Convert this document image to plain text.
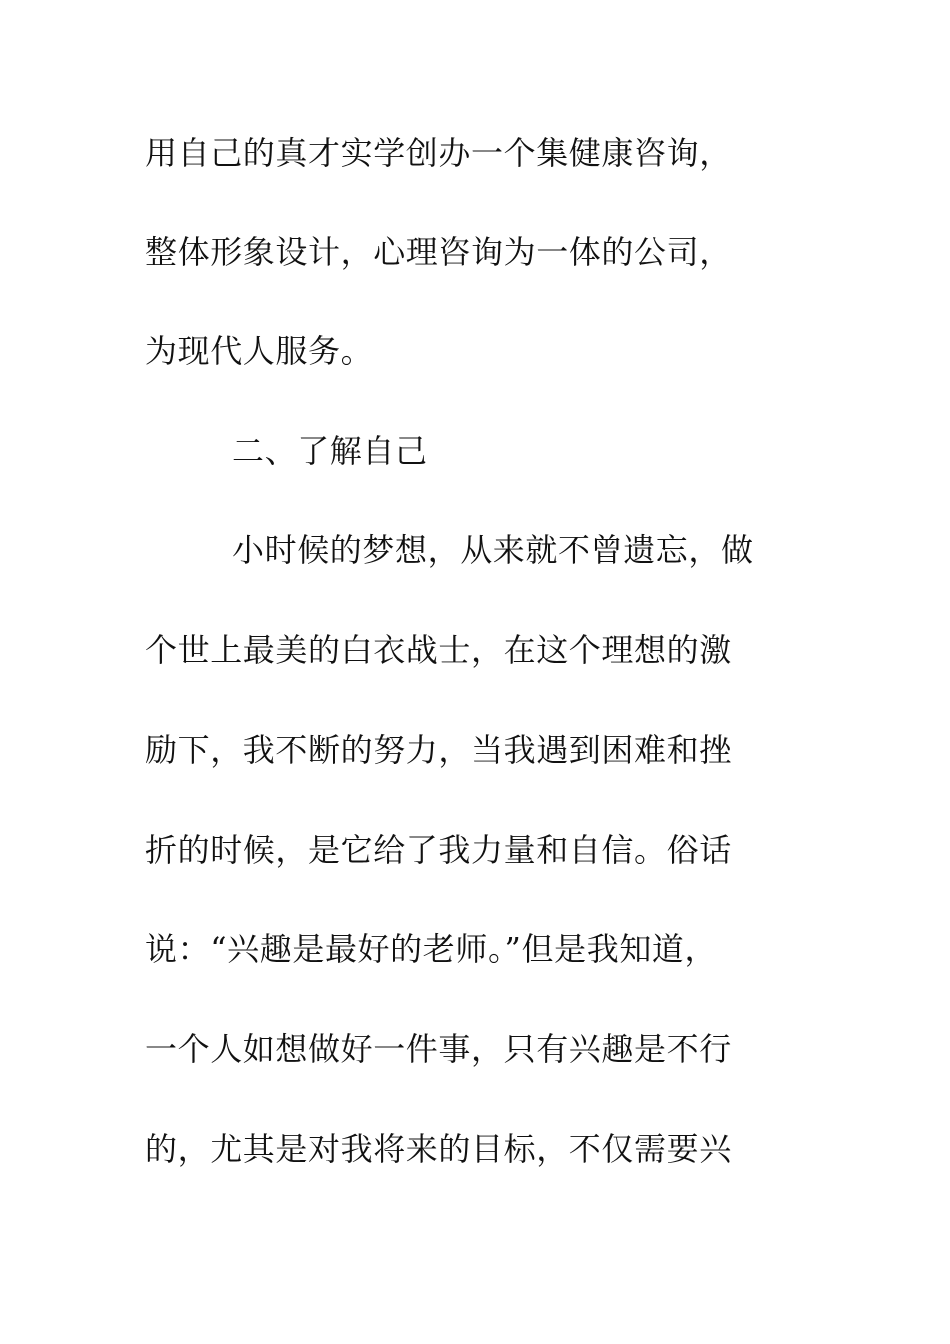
用自己的真才实学创办一个集健康咨询，
整体形象设计，心理咨询为一体的公司，
为现代人服务。
二、了解自己
小时候的梦想，从来就不曾遗忘，做
个世上最美的白衣战士，在这个理想的激
励下，我不断的努力，当我遇到困难和挫
折的时候，是它给了我力量和自信。俗话
说：“兴趣是最好的老师。”但是我知道，
一个人如想做好一件事，只有兴趣是不行
的，尤其是对我将来的目标，不仅需要兴
